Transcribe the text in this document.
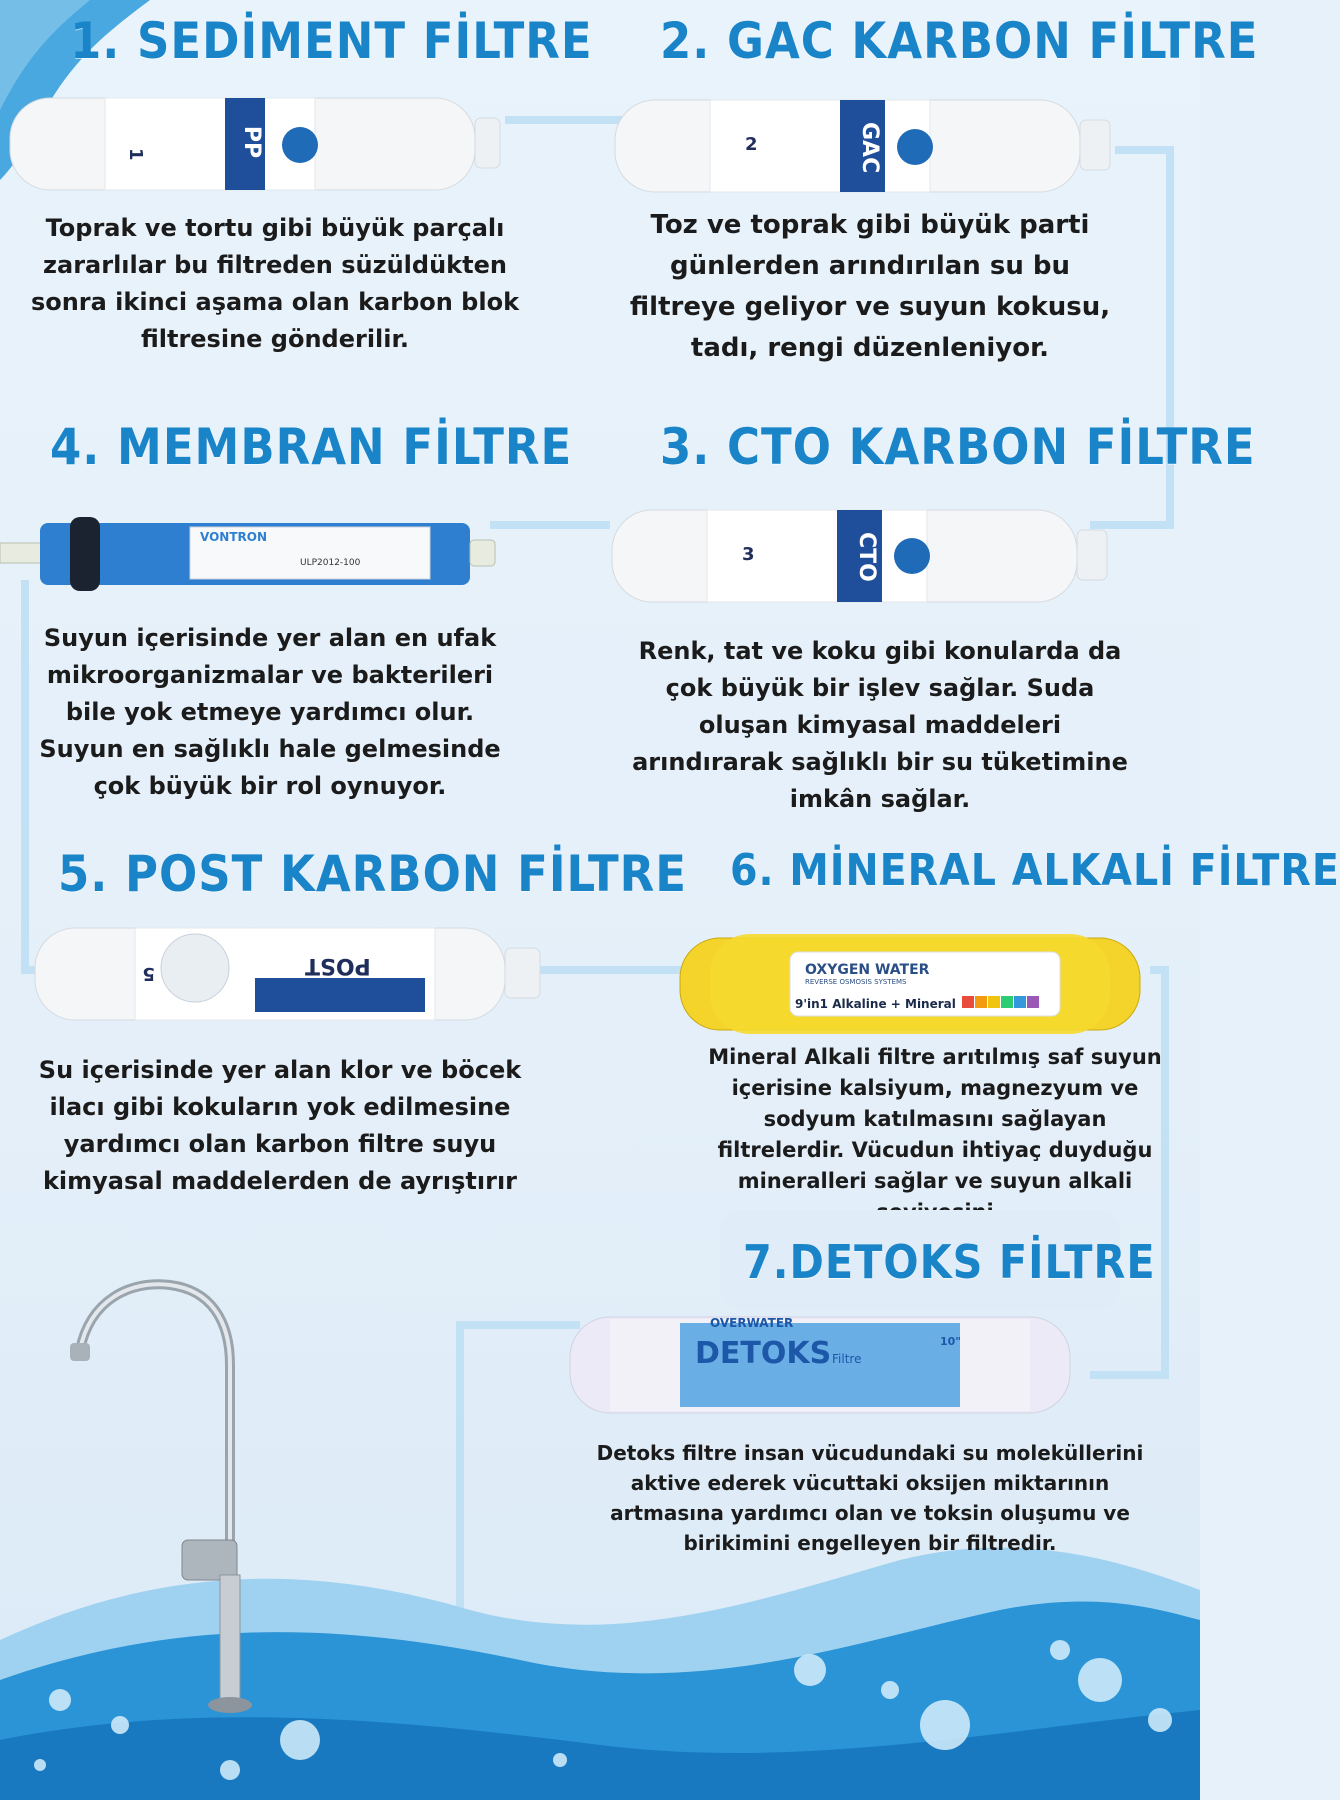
1. SEDİMENT FİLTRE
PP
1
Toprak ve tortu gibi büyük parçalı zararlılar bu filtreden süzüldükten sonra ikinci aşama olan karbon blok filtresine gönderilir.
2. GAC KARBON FİLTRE
GAC
2
Toz ve toprak gibi büyük parti günlerden arındırılan su bu filtreye geliyor ve suyun kokusu, tadı, rengi düzenleniyor.
4. MEMBRAN FİLTRE
VONTRON
ULP2012-100
Suyun içerisinde yer alan en ufak mikroorganizmalar ve bakterileri bile yok etmeye yardımcı olur. Suyun en sağlıklı hale gelmesinde çok büyük bir rol oynuyor.
3. CTO KARBON FİLTRE
CTO
3
Renk, tat ve koku gibi konularda da çok büyük bir işlev sağlar. Suda oluşan kimyasal maddeleri arındırarak sağlıklı bir su tüketimine imkân sağlar.
5. POST KARBON FİLTRE
POST
5
Su içerisinde yer alan klor ve böcek ilacı gibi kokuların yok edilmesine yardımcı olan karbon filtre suyu kimyasal maddelerden de ayrıştırır
6. MİNERAL ALKALİ FİLTRE
OXYGEN WATER
REVERSE OSMOSIS SYSTEMS
9'in1 Alkaline + Mineral
Mineral Alkali filtre arıtılmış saf suyun içerisine kalsiyum, magnezyum ve sodyum katılmasını sağlayan filtrelerdir. Vücudun ihtiyaç duyduğu mineralleri sağlar ve suyun alkali
7.DETOKS FİLTRE
OVERWATER
DETOKS Filtre
10"
Detoks filtre insan vücudundaki su moleküllerini aktive ederek vücuttaki oksijen miktarının artmasına yardımcı olan ve toksin oluşumu ve birikimini engelleyen bir filtredir.
